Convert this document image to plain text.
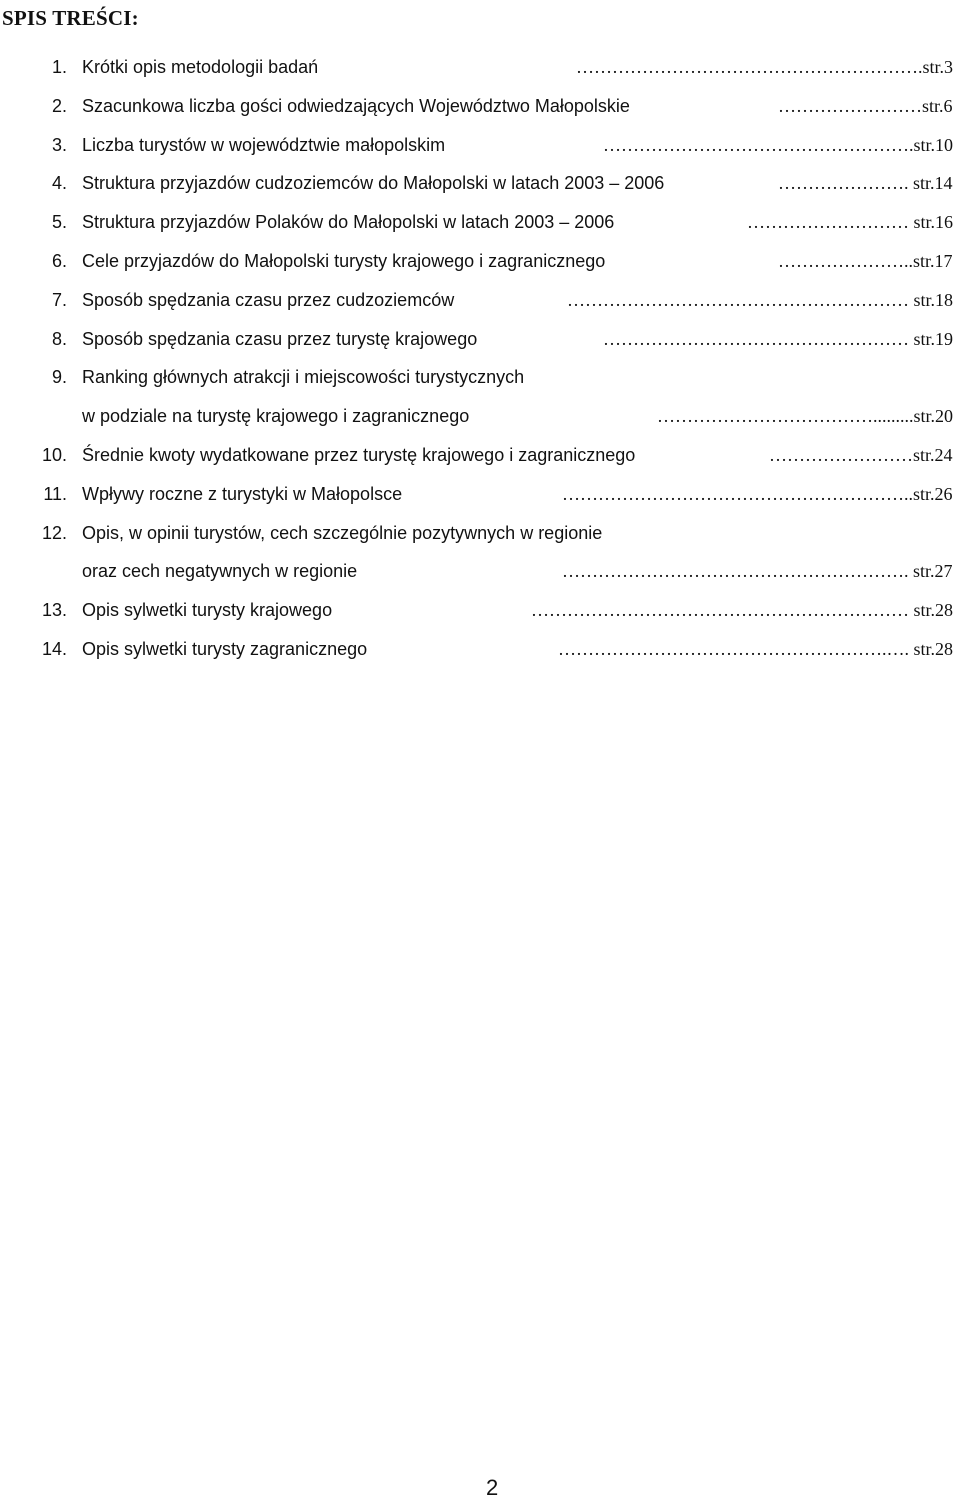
SPIS TREŚCI:
1. Krótki opis metodologii badań	………………………………………………….str.3
2. Szacunkowa liczba gości odwiedzających Województwo Małopolskie	……………………str.6
3. Liczba turystów w województwie małopolskim	…………………………………………….str.10
4. Struktura przyjazdów cudzoziemców do Małopolski w latach 2003 – 2006	…………………. str.14
5. Struktura przyjazdów Polaków do Małopolski w latach 2003 – 2006	……………………… str.16
6. Cele przyjazdów do Małopolski turysty krajowego i zagranicznego	…………………..str.17
7. Sposób spędzania czasu przez cudzoziemców	………………………………………………… str.18
8. Sposób spędzania czasu przez turystę krajowego	…………………………………………… str.19
9. Ranking głównych atrakcji i miejscowości turystycznych
w podziale na turystę krajowego i zagranicznego	……………………………….........str.20
10. Średnie kwoty wydatkowane przez turystę krajowego i zagranicznego	……………………str.24
11. Wpływy roczne z turystyki w Małopolsce	…………………………………………………..str.26
12. Opis, w opinii turystów, cech szczególnie pozytywnych w regionie
oraz cech negatywnych w regionie	…………………………………………………. str.27
13. Opis sylwetki turysty krajowego	……………………………………………………… str.28
14. Opis sylwetki turysty zagranicznego	……………………………………………….…. str.28
2
